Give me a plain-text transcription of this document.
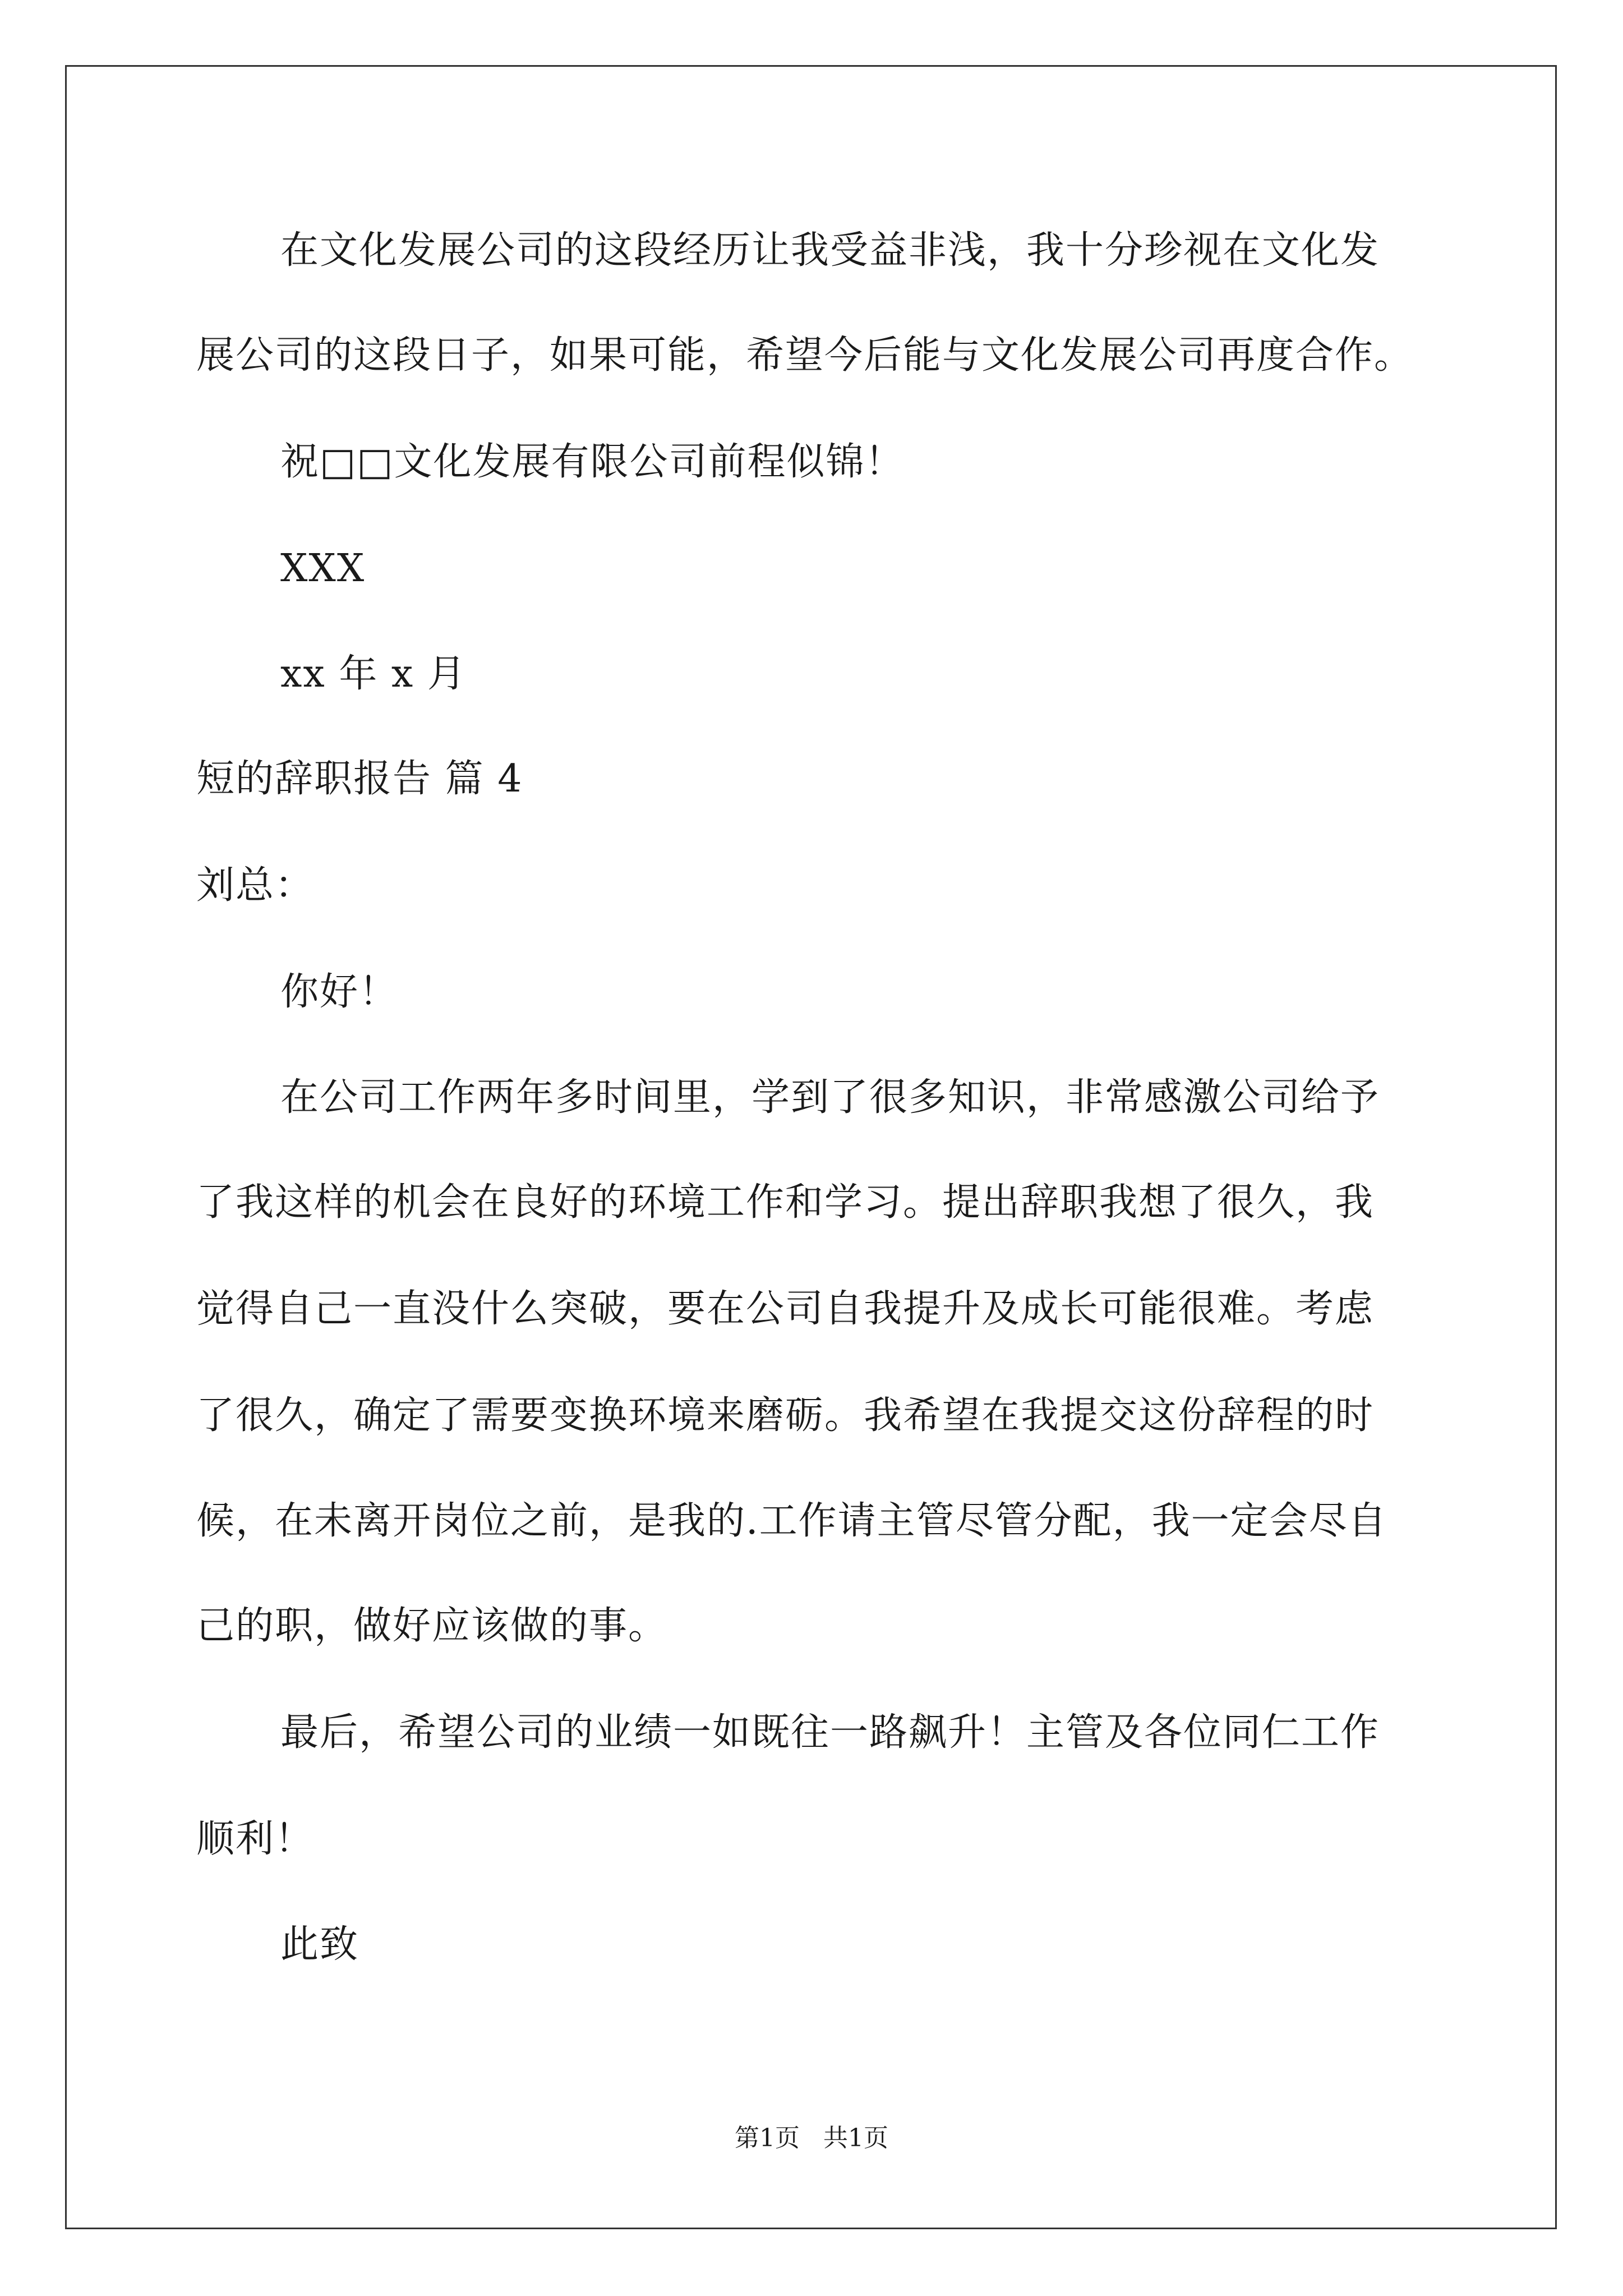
在文化发展公司的这段经历让我受益非浅，我十分珍视在文化发
展公司的这段日子，如果可能，希望今后能与文化发展公司再度合作。
祝□□文化发展有限公司前程似锦！
XXX
xx 年 x 月
短的辞职报告 篇 4
刘总：
你好！
在公司工作两年多时间里，学到了很多知识，非常感激公司给予
了我这样的机会在良好的环境工作和学习。提出辞职我想了很久，我
觉得自己一直没什么突破，要在公司自我提升及成长可能很难。考虑
了很久，确定了需要变换环境来磨砺。我希望在我提交这份辞程的时
候，在未离开岗位之前，是我的.工作请主管尽管分配，我一定会尽自
己的职，做好应该做的事。
最后，希望公司的业绩一如既往一路飙升！主管及各位同仁工作
顺利！
此致
第1页   共1页
